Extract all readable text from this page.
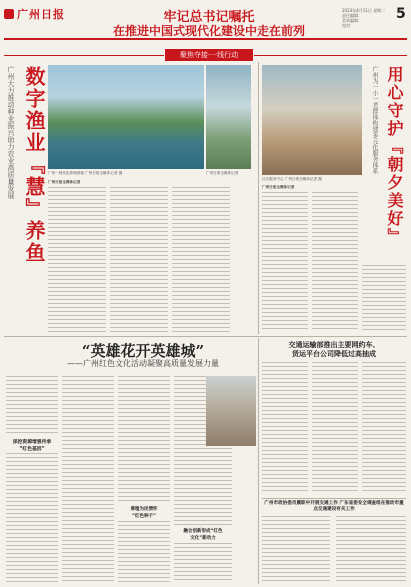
广州日报	牢记总书记嘱托
在推进中国式现代化建设中走在前列
2023年4月11日 星期二
责任编辑：
美术编辑：
校对：
5
聚焦夺接·一线行动
数字渔业『慧』养鱼
广州大力推动种业振兴助力农业高质量发展	广州一现代化养殖基地 广州日报全媒体记者 摄	广州日报全媒体记者
广州日报全媒体记者	用心守护『朝夕美好』
广州为一小一老群体构建多元化服务体系
社区服务中心 广州日报全媒体记者 摄
广州日报全媒体记者
“英雄花开英雄城”
——广州红色文化活动凝聚高质量发展力量
深挖资源增强传承
“红色基因”
厚植为民情怀
“红色种子”
融合创新形成“红色
文化”新动力
交通运输部推出主要网约车、
货运平台公司降低过高抽成
广州市政协委员履职中开展交通工作 广东省委安全调查组在推动市重点交通建设有关工作
